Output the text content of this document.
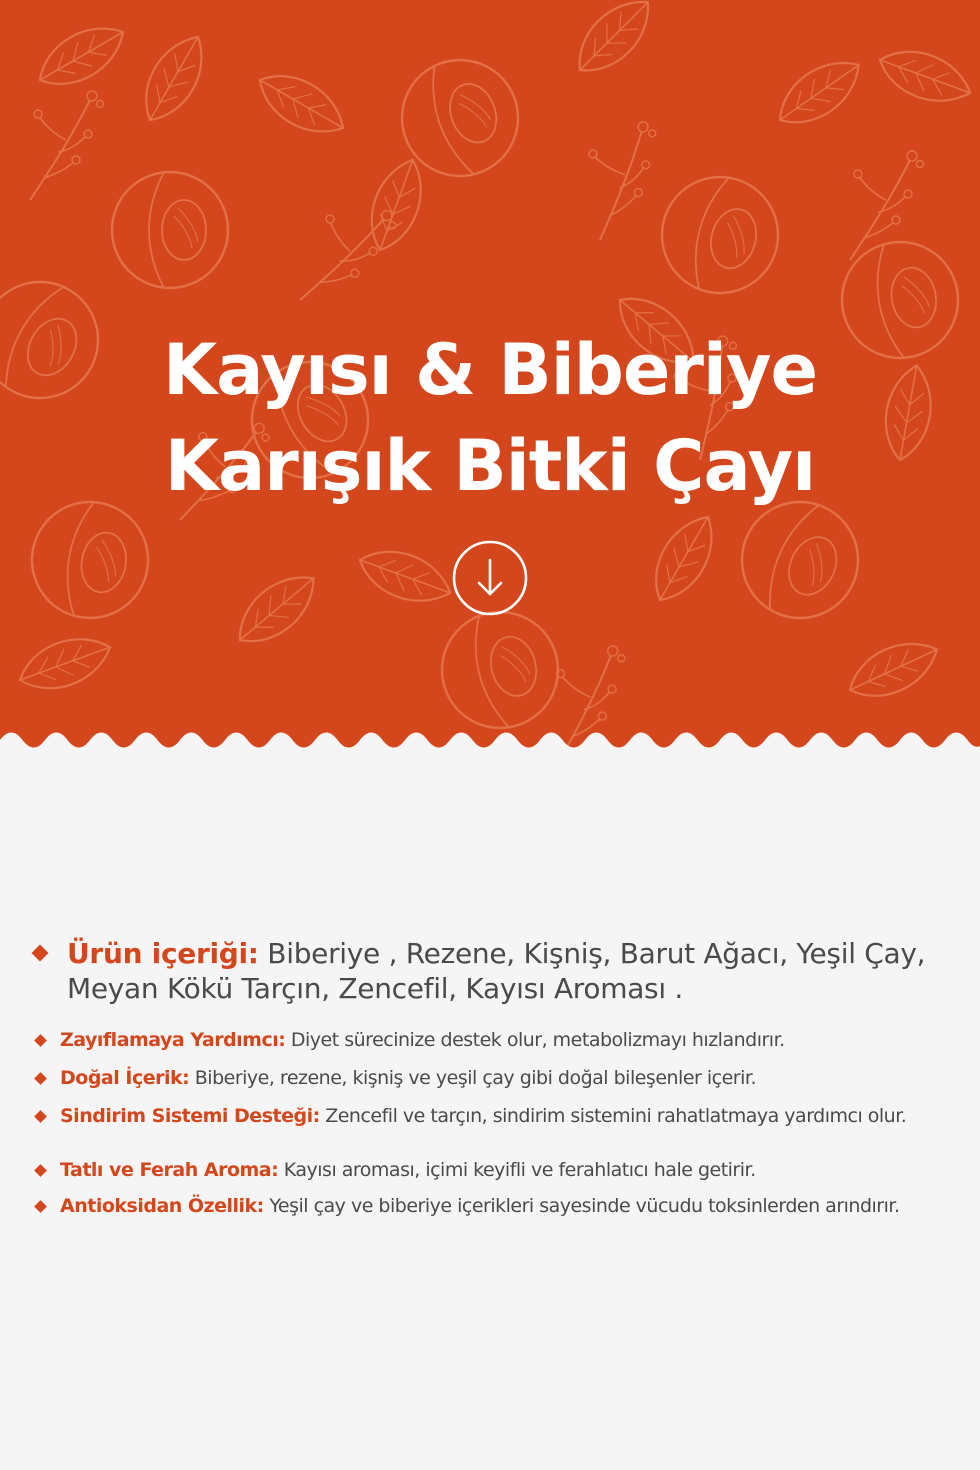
Kayısı & Biberiye
Karışık Bitki Çayı
Ürün içeriği: Biberiye , Rezene, Kişniş, Barut Ağacı, Yeşil Çay, Meyan Kökü Tarçın, Zencefil, Kayısı Aroması .
Zayıflamaya Yardımcı: Diyet sürecinize destek olur, metabolizmayı hızlandırır.
Doğal İçerik: Biberiye, rezene, kişniş ve yeşil çay gibi doğal bileşenler içerir.
Sindirim Sistemi Desteği: Zencefil ve tarçın, sindirim sistemini rahatlatmaya yardımcı olur.
Tatlı ve Ferah Aroma: Kayısı aroması, içimi keyifli ve ferahlatıcı hale getirir.
Antioksidan Özellik: Yeşil çay ve biberiye içerikleri sayesinde vücudu toksinlerden arındırır.
